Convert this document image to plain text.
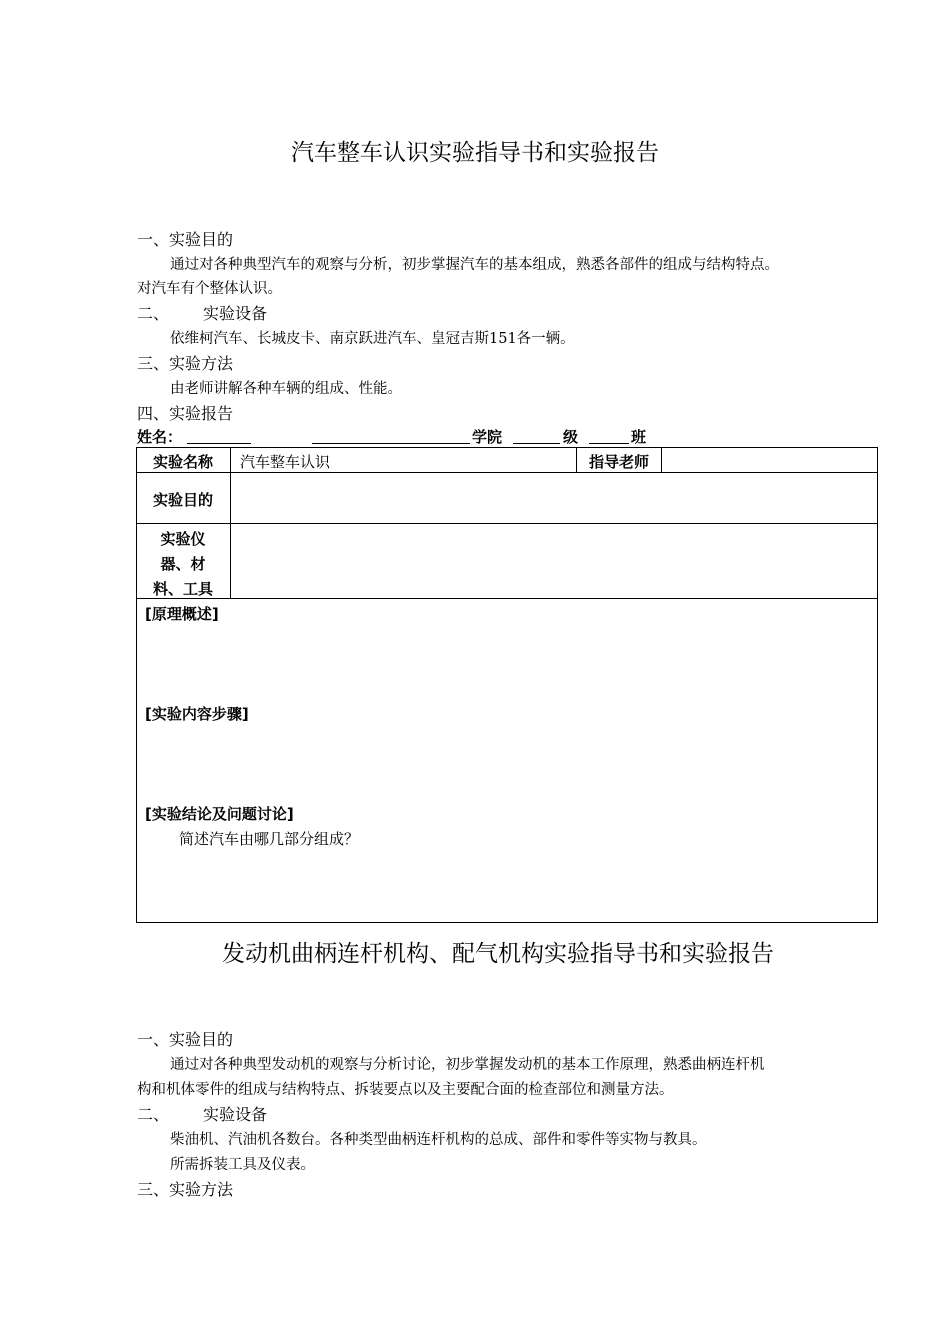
汽车整车认识实验指导书和实验报告
一、实验目的
通过对各种典型汽车的观察与分析，初步掌握汽车的基本组成，熟悉各部件的组成与结构特点。
对汽车有个整体认识。
二、 实验设备
依维柯汽车、长城皮卡、南京跃进汽车、皇冠吉斯151各一辆。
三、实验方法
由老师讲解各种车辆的组成、性能。
四、实验报告
姓名：	学院	级	班
实验名称	汽车整车认识	指导老师
实验目的
实验仪
器、材
料、工具
[原理概述]
[实验内容步骤]
[实验结论及问题讨论]
简述汽车由哪几部分组成？
发动机曲柄连杆机构、配气机构实验指导书和实验报告
一、实验目的
通过对各种典型发动机的观察与分析讨论，初步掌握发动机的基本工作原理，熟悉曲柄连杆机
构和机体零件的组成与结构特点、拆装要点以及主要配合面的检查部位和测量方法。
二、 实验设备
柴油机、汽油机各数台。各种类型曲柄连杆机构的总成、部件和零件等实物与教具。
所需拆装工具及仪表。
三、实验方法
